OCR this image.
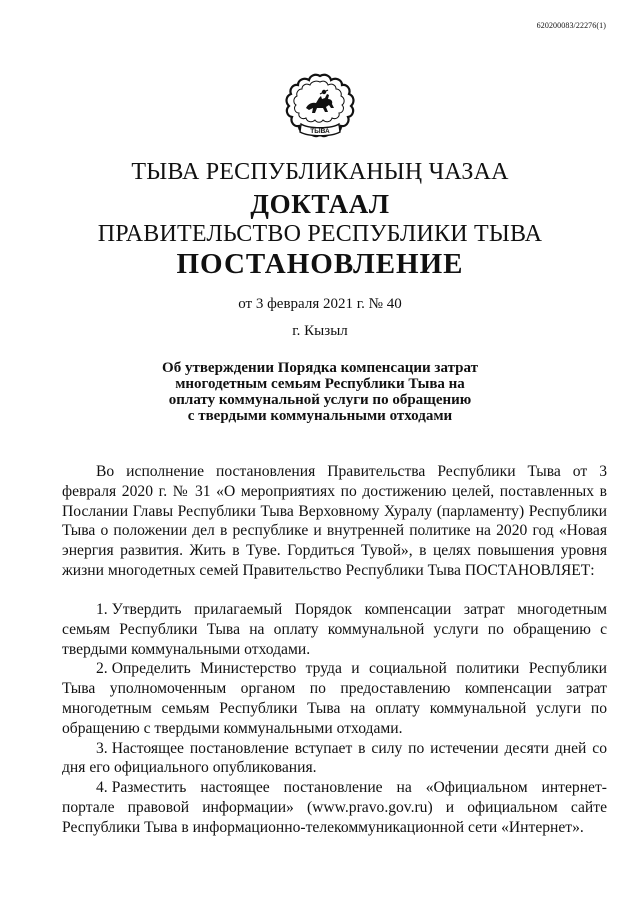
620200083/22276(1)
ТЫВА
ТЫВА РЕСПУБЛИКАНЫҢ ЧАЗАА
ДОКТААЛ
ПРАВИТЕЛЬСТВО РЕСПУБЛИКИ ТЫВА
ПОСТАНОВЛЕНИЕ
от 3 февраля 2021 г. № 40
г. Кызыл
Об утверждении Порядка компенсации затрат
многодетным семьям Республики Тыва на
оплату коммунальной услуги по обращению
с твердыми коммунальными отходами
Во исполнение постановления Правительства Республики Тыва от 3 февраля 2020 г. № 31 «О мероприятиях по достижению целей, поставленных в Послании Главы Республики Тыва Верховному Хуралу (парламенту) Республики Тыва о положении дел в республике и внутренней политике на 2020 год «Новая энергия развития. Жить в Туве. Гордиться Тувой», в целях повышения уровня жизни многодетных семей Правительство Республики Тыва ПОСТАНОВЛЯЕТ:

1. Утвердить прилагаемый Порядок компенсации затрат многодетным семьям Республики Тыва на оплату коммунальной услуги по обращению с твердыми коммунальными отходами.

2. Определить Министерство труда и социальной политики Республики Тыва уполномоченным органом по предоставлению компенсации затрат многодетным семьям Республики Тыва на оплату коммунальной услуги по обращению с твердыми коммунальными отходами.

3. Настоящее постановление вступает в силу по истечении десяти дней со дня его официального опубликования.

4. Разместить настоящее постановление на «Официальном интернет-портале правовой информации» (www.pravo.gov.ru) и официальном сайте Республики Тыва в информационно-телекоммуникационной сети «Интернет».
